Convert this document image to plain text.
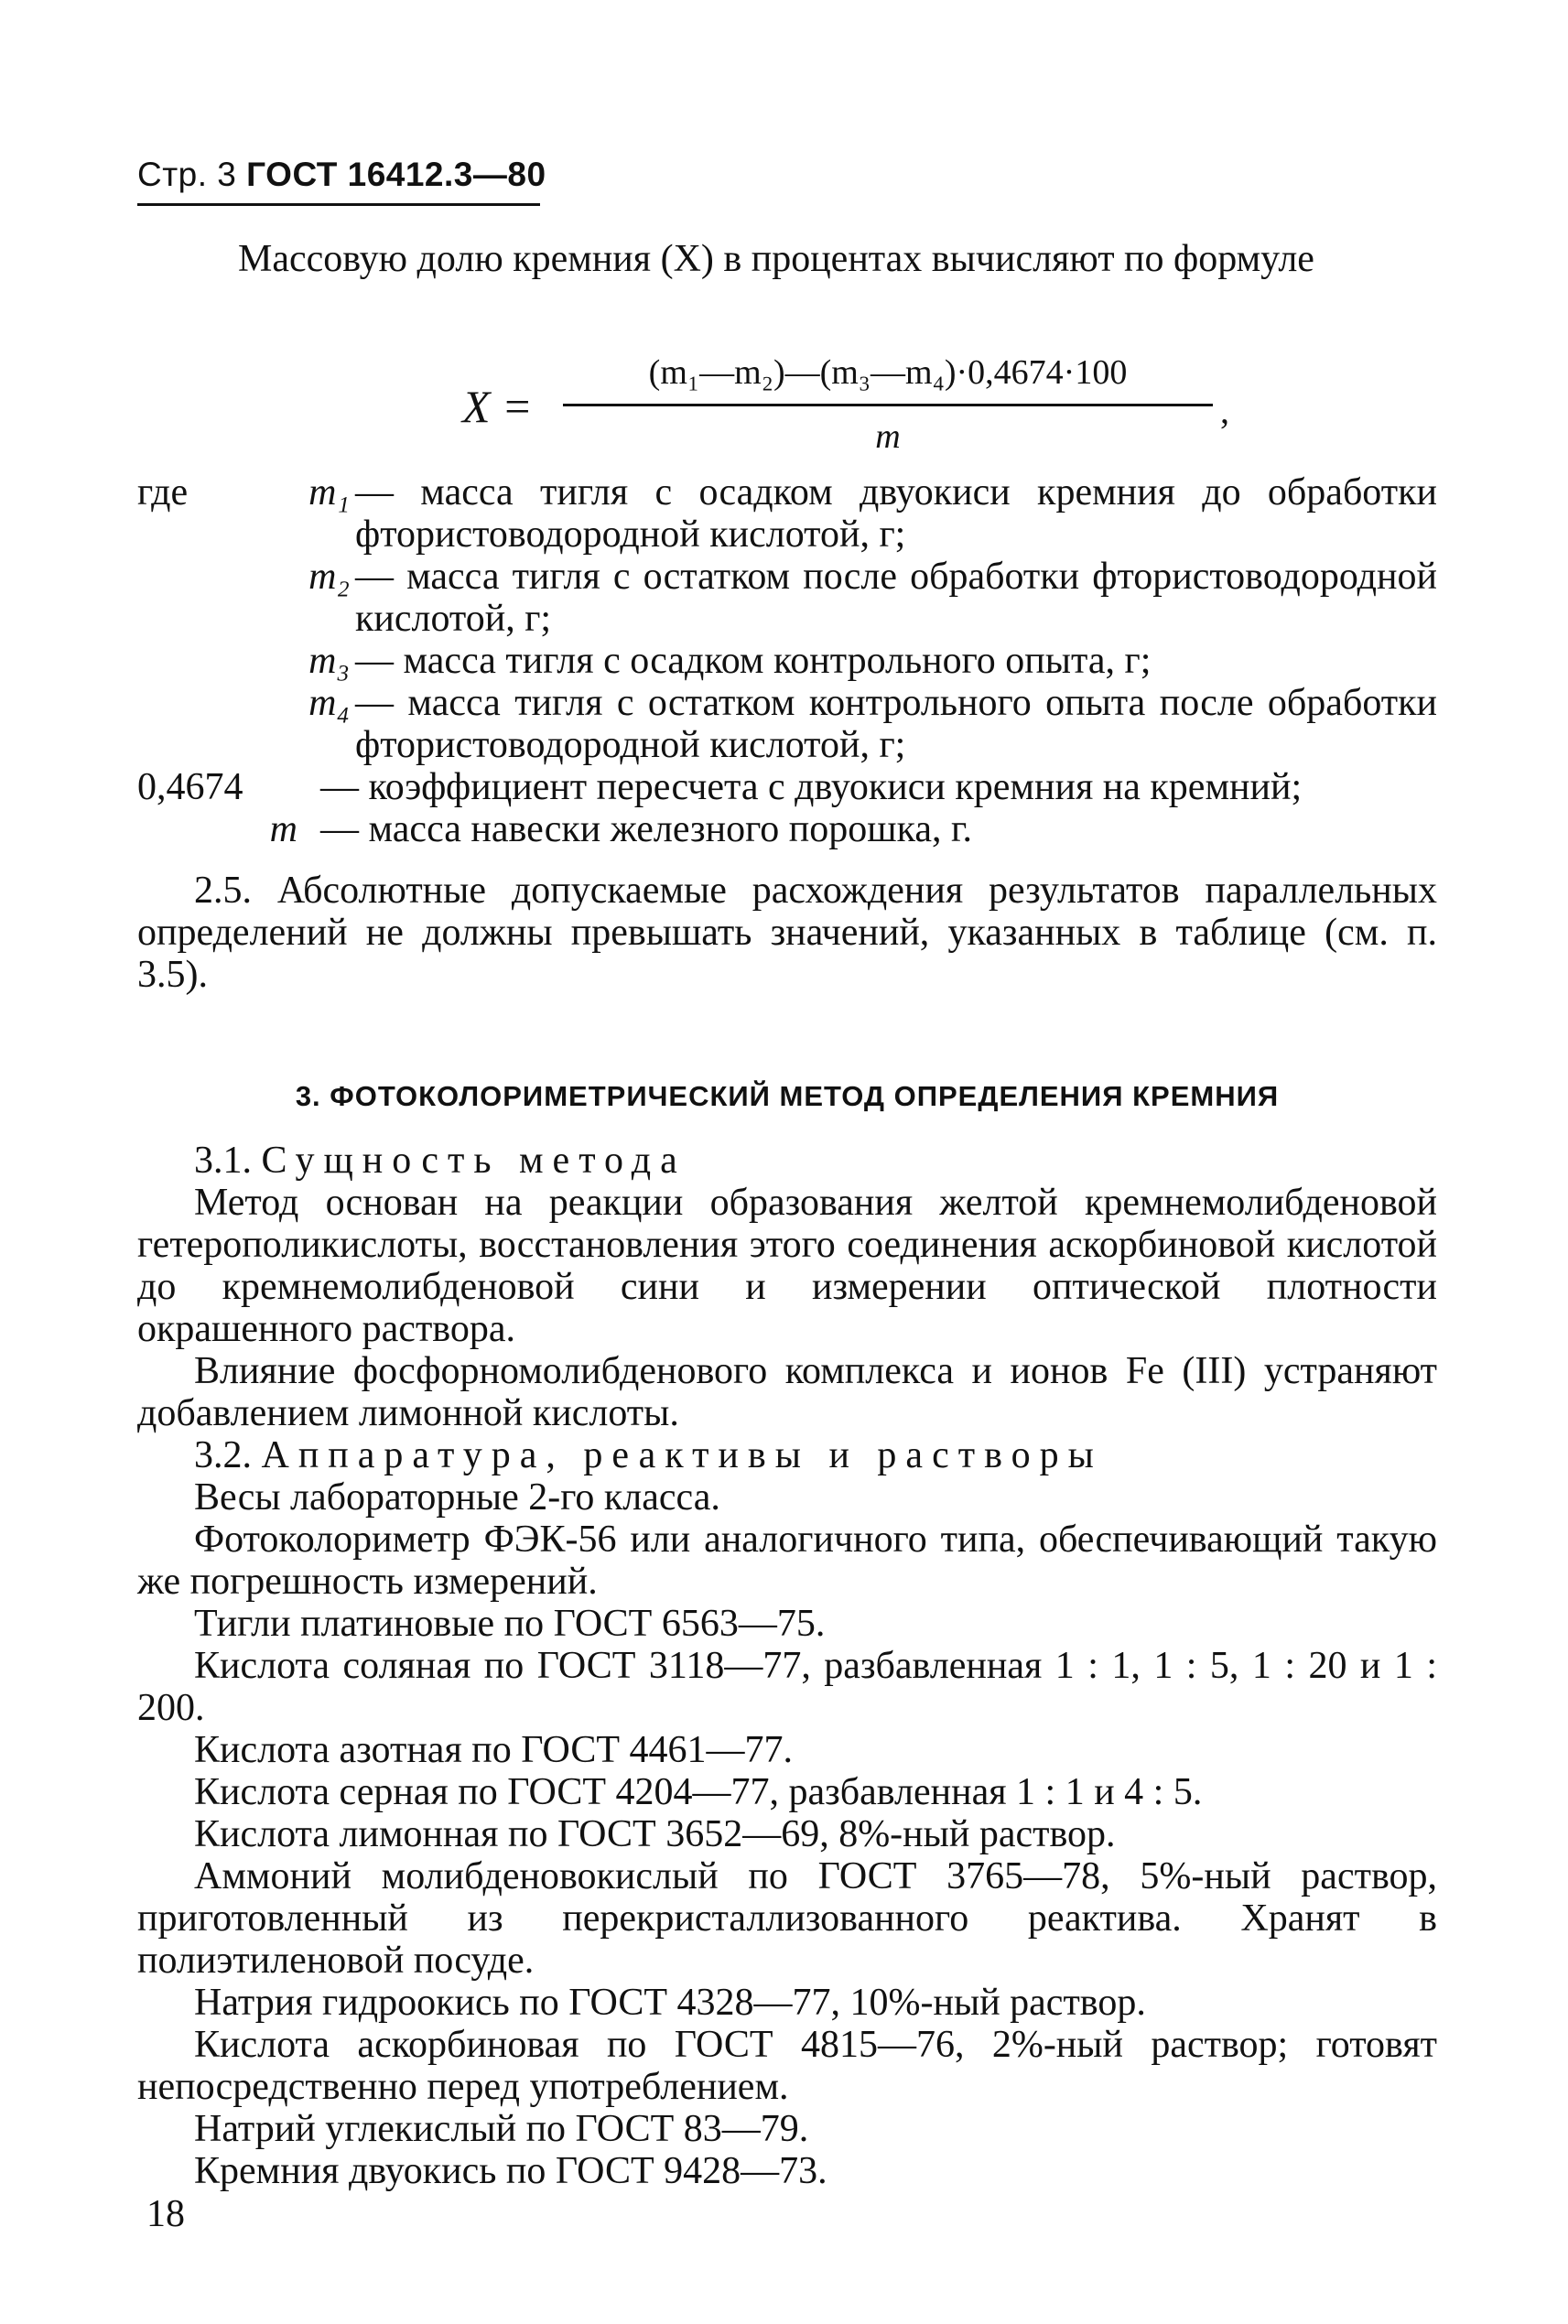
Стр. 3 ГОСТ 16412.3—80

Массовую долю кремния (X) в процентах вычисляют по формуле

X =
(m₁—m₂)—(m₃—m₄)·0,4674·100
m
,
где	m₁ — масса тигля с осадком двуокиси кремния до обработки фтористоводородной кислотой, г;
m₂ — масса тигля с остатком после обработки фтористоводородной кислотой, г;
m₃ — масса тигля с осадком контрольного опыта, г;
m₄ — масса тигля с остатком контрольного опыта после обработки фтористоводородной кислотой, г;
0,4674	— коэффициент пересчета с двуокиси кремния на кремний;
m — масса навески железного порошка, г.

2.5. Абсолютные допускаемые расхождения результатов параллельных определений не должны превышать значений, указанных в таблице (см. п. 3.5).

3. ФОТОКОЛОРИМЕТРИЧЕСКИЙ МЕТОД ОПРЕДЕЛЕНИЯ КРЕМНИЯ
3.1. Сущность метода

Метод основан на реакции образования желтой кремнемолибденовой гетерополикислоты, восстановления этого соединения аскорбиновой кислотой до кремнемолибденовой сини и измерении оптической плотности окрашенного раствора.

Влияние фосфорномолибденового комплекса и ионов Fe (III) устраняют добавлением лимонной кислоты.

3.2. Аппаратура, реактивы и растворы

Весы лабораторные 2-го класса.

Фотоколориметр ФЭК-56 или аналогичного типа, обеспечивающий такую же погрешность измерений.

Тигли платиновые по ГОСТ 6563—75.

Кислота соляная по ГОСТ 3118—77, разбавленная 1 : 1, 1 : 5, 1 : 20 и 1 : 200.

Кислота азотная по ГОСТ 4461—77.

Кислота серная по ГОСТ 4204—77, разбавленная 1 : 1 и 4 : 5.

Кислота лимонная по ГОСТ 3652—69, 8%-ный раствор.

Аммоний молибденовокислый по ГОСТ 3765—78, 5%-ный раствор, приготовленный из перекристаллизованного реактива. Хранят в полиэтиленовой посуде.

Натрия гидроокись по ГОСТ 4328—77, 10%-ный раствор.

Кислота аскорбиновая по ГОСТ 4815—76, 2%-ный раствор; готовят непосредственно перед употреблением.

Натрий углекислый по ГОСТ 83—79.

Кремния двуокись по ГОСТ 9428—73.

18
